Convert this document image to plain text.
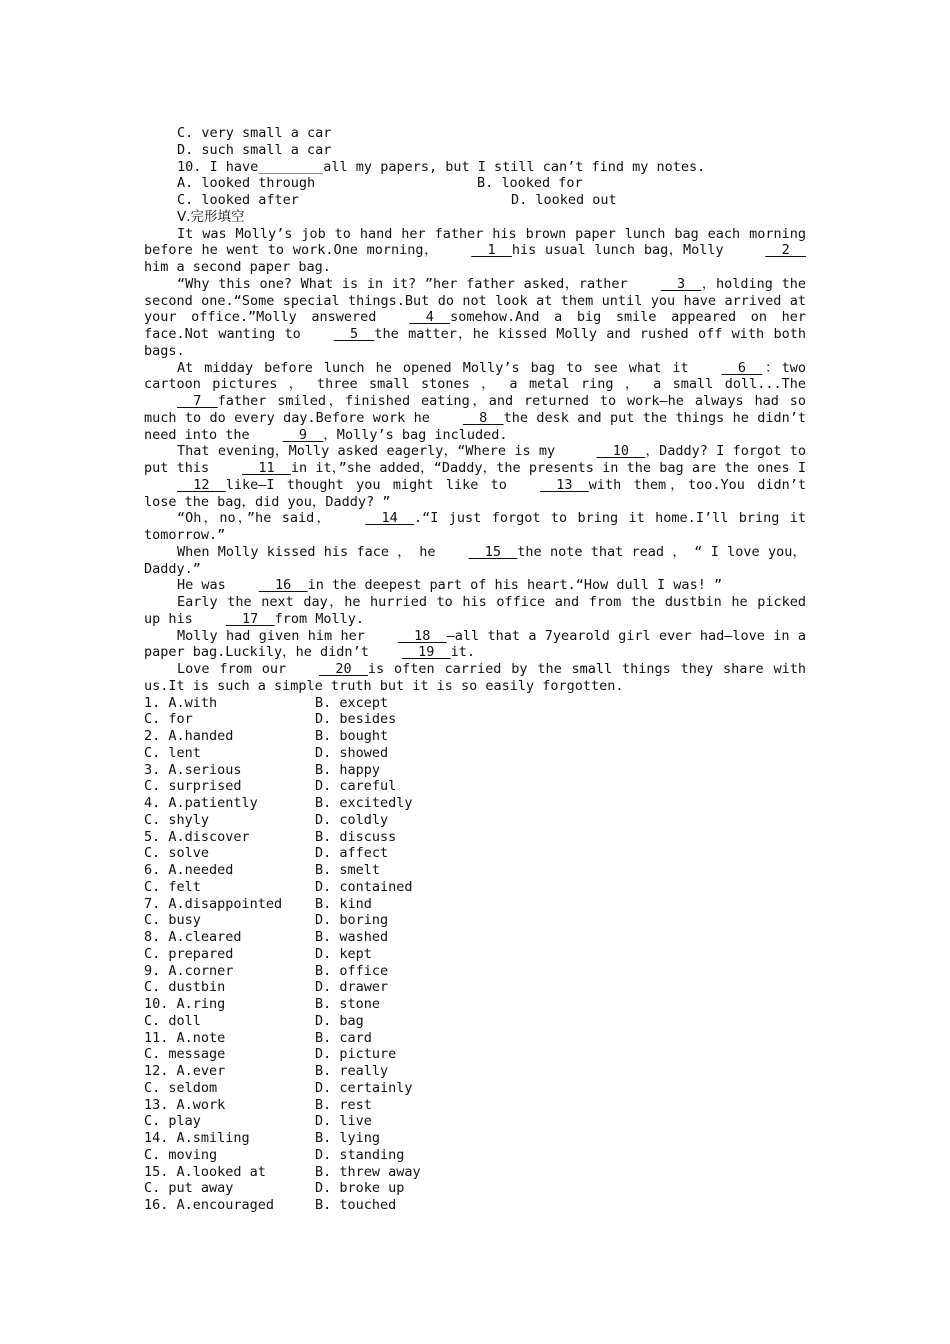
C. very small a car
D. such small a car
10. I have________all my papers, but I still can’t find my notes.
A. looked through	B. looked for
C. looked after	D. looked out
Ⅴ.完形填空
It was Molly’s job to hand her father his brown paper lunch bag each morning before he went to work.One morning，  1  his usual lunch bag，Molly   2  him a second paper bag.
“Why this one? What is in it? ”her father asked，rather  3  ，holding the second one.“Some special things.But do not look at them until you have arrived at your office.”Molly answered  4  somehow.And a big smile appeared on her face.Not wanting to  5  the matter，he kissed Molly and rushed off with both bags.
At midday before lunch he opened Molly’s bag to see what it  6  ：two cartoon pictures ， three small stones ， a metal ring ， a small doll...The  7  father smiled，finished eating，and returned to work—he always had so much to do every day.Before work he  8  the desk and put the things he didn’t need into the  9  ，Molly’s bag included.
That evening，Molly asked eagerly，“Where is my   10  ，Daddy? I forgot to put this  11  in it，”she added，“Daddy，the presents in the bag are the ones I  12  like—I thought you might like to  13  with them，too.You didn’t lose the bag，did you，Daddy? ”
“Oh，no，”he said，  14  .“I just forgot to bring it home.I’ll bring it tomorrow.”
When Molly kissed his face ， he  15  the note that read ， “ I love you，Daddy.”
He was  16  in the deepest part of his heart.“How dull I was! ”
Early the next day，he hurried to his office and from the dustbin he picked up his  17  from Molly.
Molly had given him her  18  —all that a 7yearold girl ever had—love in a paper bag.Luckily，he didn’t  19  it.
Love from our  20  is often carried by the small things they share with us.It is such a simple truth but it is so easily forgotten.
1. A.with	B. except
C. for	D. besides
2. A.handed	B. bought
C. lent	D. showed
3. A.serious	B. happy
C. surprised	D. careful
4. A.patiently	B. excitedly
C. shyly	D. coldly
5. A.discover	B. discuss
C. solve	D. affect
6. A.needed	B. smelt
C. felt	D. contained
7. A.disappointed	B. kind
C. busy	D. boring
8. A.cleared	B. washed
C. prepared	D. kept
9. A.corner	B. office
C. dustbin	D. drawer
10. A.ring	B. stone
C. doll	D. bag
11. A.note	B. card
C. message	D. picture
12. A.ever	B. really
C. seldom	D. certainly
13. A.work	B. rest
C. play	D. live
14. A.smiling	B. lying
C. moving	D. standing
15. A.looked at	B. threw away
C. put away	D. broke up
16. A.encouraged	B. touched
